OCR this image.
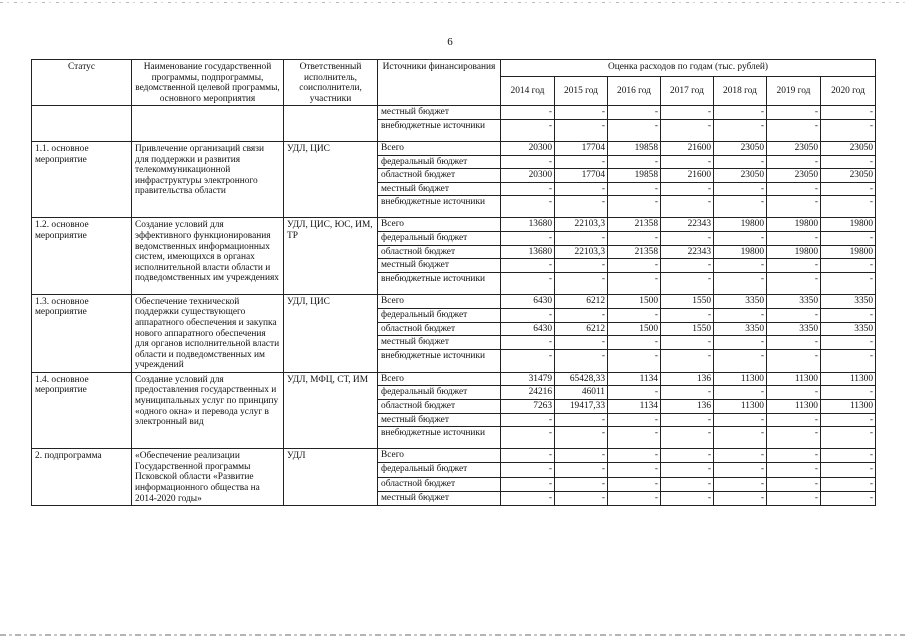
6
Статус	Наименование государственной программы, подпрограммы, ведомственной целевой программы, основного мероприятия	Ответственный исполнитель, соисполнители, участники	Источники финансирования	Оценка расходов по годам (тыс. рублей)						
				2014 год	2015 год	2016 год	2017 год	2018 год	2019 год	2020 год
			местный бюджет	-	-	-	-	-	-	-
			внебюджетные источники	-	-	-	-	-	-	-
1.1. основное мероприятие	Привлечение организаций связи для поддержки и развития телекоммуникационной инфраструктуры электронного правительства области	УДЛ, ЦИС	Всего	20300	17704	19858	21600	23050	23050	23050
			федеральный бюджет	-	-	-	-	-	-	-
			областной бюджет	20300	17704	19858	21600	23050	23050	23050
			местный бюджет	-	-	-	-	-	-	-
			внебюджетные источники	-	-	-	-	-	-	-
1.2. основное мероприятие	Создание условий для эффективного функционирования ведомственных информационных систем, имеющихся в органах исполнительной власти области и подведомственных им учреждениях	УДЛ, ЦИС, ЮС, ИМ, ТР	Всего	13680	22103,3	21358	22343	19800	19800	19800
			федеральный бюджет	-	-	-	-	-	-	-
			областной бюджет	13680	22103,3	21358	22343	19800	19800	19800
			местный бюджет	-	-	-	-	-	-	-
			внебюджетные источники	-	-	-	-	-	-	-
1.3. основное мероприятие	Обеспечение технической поддержки существующего аппаратного обеспечения и закупка нового аппаратного обеспечения для органов исполнительной власти области и подведомственных им учреждений	УДЛ, ЦИС	Всего	6430	6212	1500	1550	3350	3350	3350
			федеральный бюджет	-	-	-	-	-	-	-
			областной бюджет	6430	6212	1500	1550	3350	3350	3350
			местный бюджет	-	-	-	-	-	-	-
			внебюджетные источники	-	-	-	-	-	-	-
1.4. основное мероприятие	Создание условий для предоставления государственных и муниципальных услуг по принципу «одного окна» и перевода услуг в электронный вид	УДЛ, МФЦ, СТ, ИМ	Всего	31479	65428,33	1134	136	11300	11300	11300
			федеральный бюджет	24216	46011	-	-	-	-	-
			областной бюджет	7263	19417,33	1134	136	11300	11300	11300
			местный бюджет	-	-	-	-	-	-	-
			внебюджетные источники	-	-	-	-	-	-	-
2. подпрограмма	«Обеспечение реализации Государственной программы Псковской области «Развитие информационного общества на 2014-2020 годы»	УДЛ	Всего	-	-	-	-	-	-	-
			федеральный бюджет	-	-	-	-	-	-	-
			областной бюджет	-	-	-	-	-	-	-
			местный бюджет	-	-	-	-	-	-	-
